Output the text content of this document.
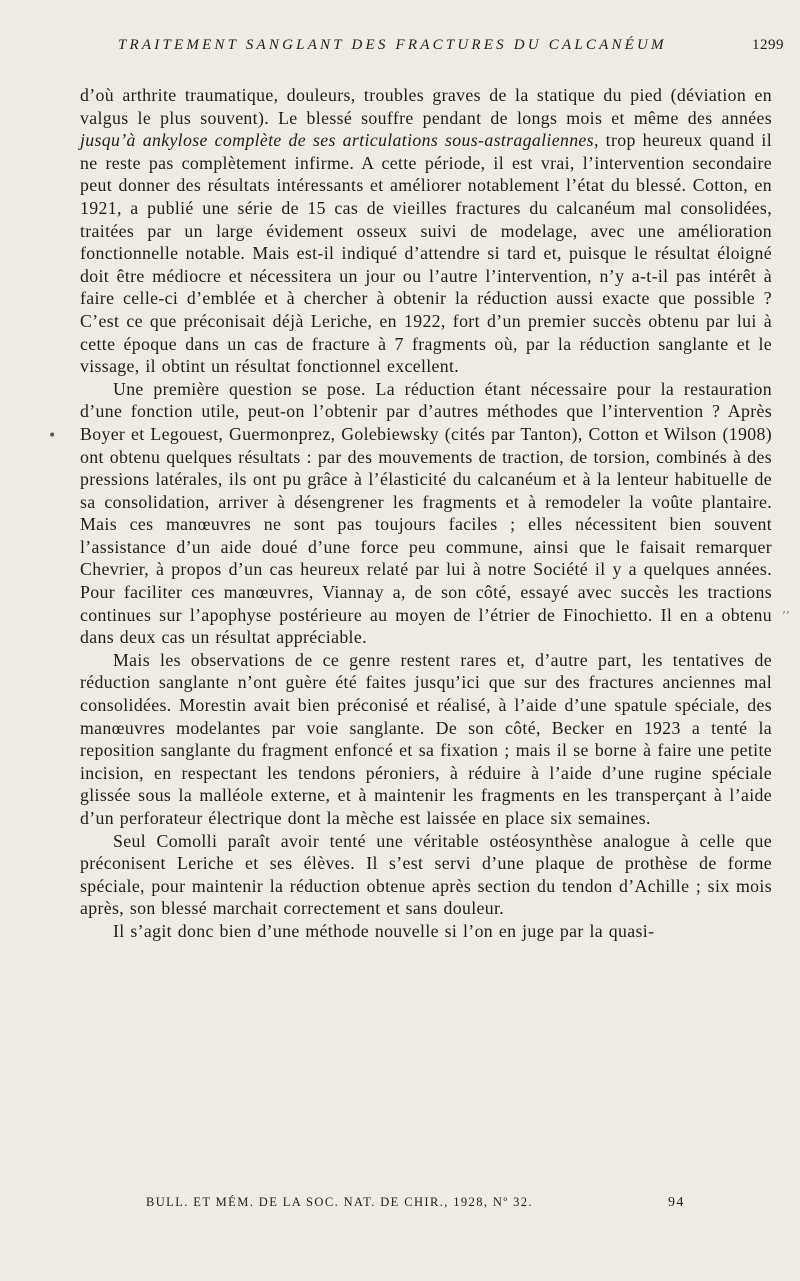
TRAITEMENT SANGLANT DES FRACTURES DU CALCANÉUM	1299
•
’’

d’où arthrite traumatique, douleurs, troubles graves de la statique du pied (déviation en valgus le plus souvent). Le blessé souffre pendant de longs mois et même des années jusqu’à ankylose complète de ses articulations sous-astragaliennes, trop heureux quand il ne reste pas complètement infirme. A cette période, il est vrai, l’intervention secondaire peut donner des résultats intéressants et améliorer notablement l’état du blessé. Cotton, en 1921, a publié une série de 15 cas de vieilles fractures du calcanéum mal consolidées, traitées par un large évidement osseux suivi de modelage, avec une amélioration fonctionnelle notable. Mais est-il indiqué d’attendre si tard et, puisque le résultat éloigné doit être médiocre et nécessitera un jour ou l’autre l’intervention, n’y a-t-il pas intérêt à faire celle-ci d’emblée et à chercher à obtenir la réduction aussi exacte que possible ? C’est ce que préconisait déjà Leriche, en 1922, fort d’un premier succès obtenu par lui à cette époque dans un cas de fracture à 7 fragments où, par la réduction sanglante et le vissage, il obtint un résultat fonctionnel excellent.

Une première question se pose. La réduction étant nécessaire pour la restauration d’une fonction utile, peut-on l’obtenir par d’autres méthodes que l’intervention ? Après Boyer et Legouest, Guermonprez, Golebiewsky (cités par Tanton), Cotton et Wilson (1908) ont obtenu quelques résultats : par des mouvements de traction, de torsion, combinés à des pressions latérales, ils ont pu grâce à l’élasticité du calcanéum et à la lenteur habituelle de sa consolidation, arriver à désengrener les fragments et à remodeler la voûte plantaire. Mais ces manœuvres ne sont pas toujours faciles ; elles nécessitent bien souvent l’assistance d’un aide doué d’une force peu commune, ainsi que le faisait remarquer Chevrier, à propos d’un cas heureux relaté par lui à notre Société il y a quelques années. Pour faciliter ces manœuvres, Viannay a, de son côté, essayé avec succès les tractions continues sur l’apophyse postérieure au moyen de l’étrier de Finochietto. Il en a obtenu dans deux cas un résultat appréciable.

Mais les observations de ce genre restent rares et, d’autre part, les tentatives de réduction sanglante n’ont guère été faites jusqu’ici que sur des fractures anciennes mal consolidées. Morestin avait bien préconisé et réalisé, à l’aide d’une spatule spéciale, des manœuvres modelantes par voie sanglante. De son côté, Becker en 1923 a tenté la reposition sanglante du fragment enfoncé et sa fixation ; mais il se borne à faire une petite incision, en respectant les tendons péroniers, à réduire à l’aide d’une rugine spéciale glissée sous la malléole externe, et à maintenir les fragments en les transperçant à l’aide d’un perforateur électrique dont la mèche est laissée en place six semaines.

Seul Comolli paraît avoir tenté une véritable ostéosynthèse analogue à celle que préconisent Leriche et ses élèves. Il s’est servi d’une plaque de prothèse de forme spéciale, pour maintenir la réduction obtenue après section du tendon d’Achille ; six mois après, son blessé marchait correctement et sans douleur.

Il s’agit donc bien d’une méthode nouvelle si l’on en juge par la quasi-

BULL. ET MÉM. DE LA SOC. NAT. DE CHIR., 1928, Nº 32.	94
